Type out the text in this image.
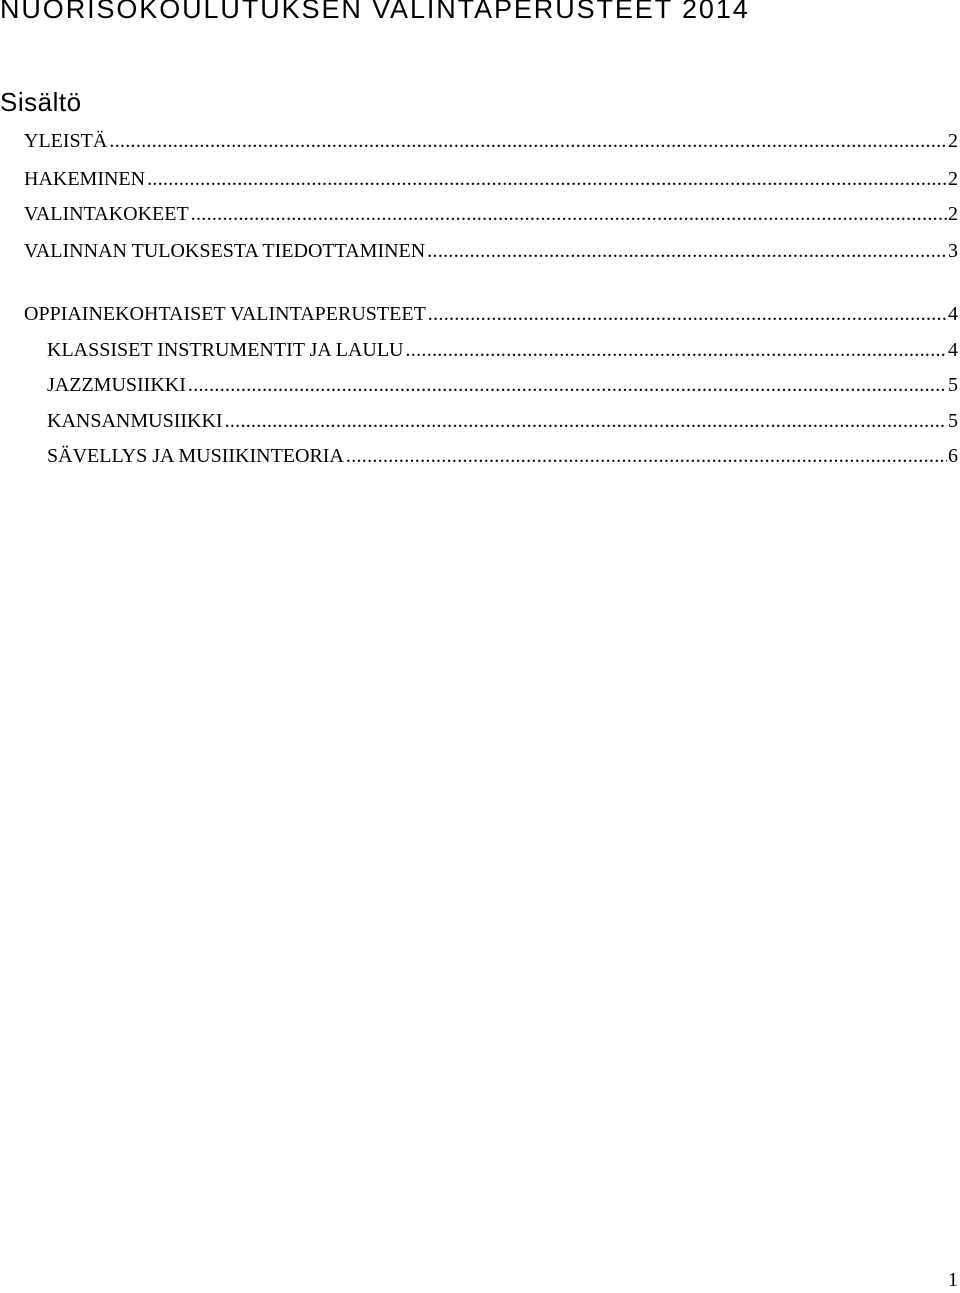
NUORISOKOULUTUKSEN VALINTAPERUSTEET 2014
Sisältö
YLEISTÄ .....	2
HAKEMINEN .....	2
VALINTAKOKEET .....	2
VALINNAN TULOKSESTA TIEDOTTAMINEN .....	3
OPPIAINEKOHTAISET VALINTAPERUSTEET .....	4
KLASSISET INSTRUMENTIT JA LAULU .....	4
JAZZMUSIIKKI .....	5
KANSANMUSIIKKI .....	5
SÄVELLYS JA MUSIIKINTEORIA .....	6
1
